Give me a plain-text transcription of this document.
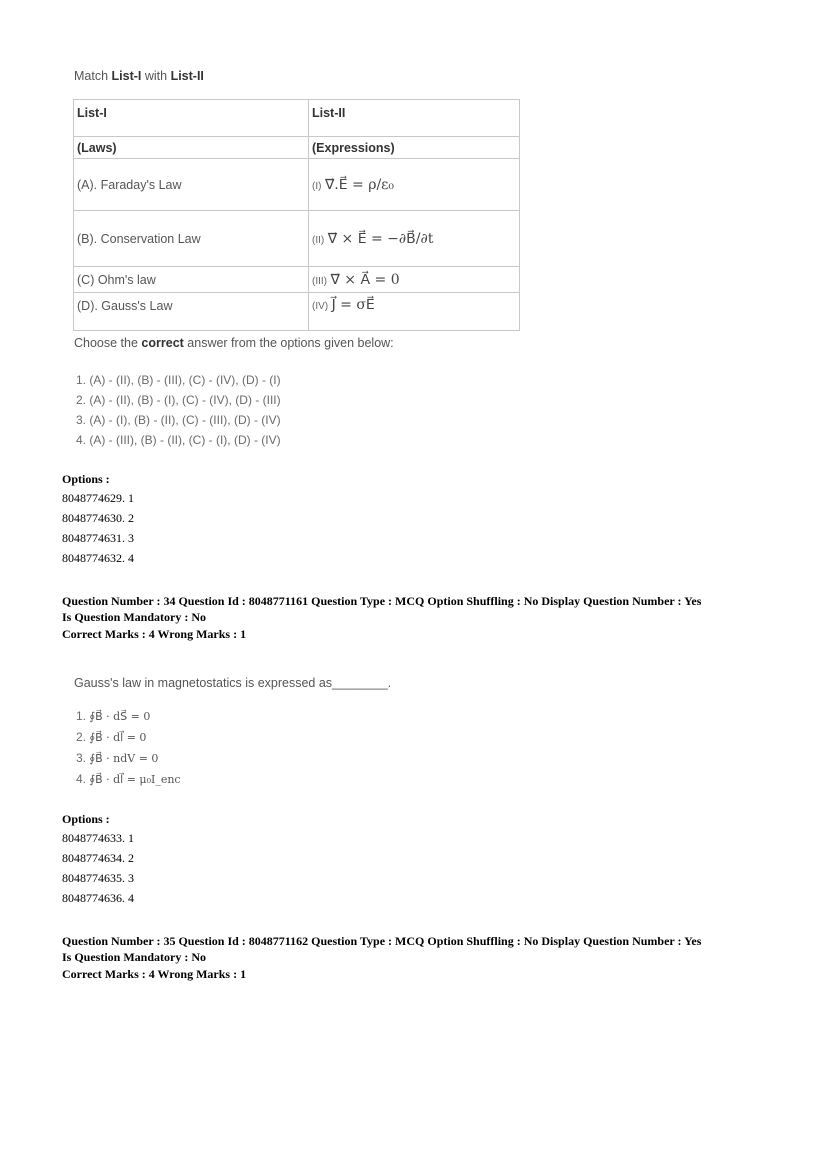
Match List-I with List-II
List-I	List-II
(Laws)	(Expressions)
(A). Faraday's Law	(I) ∇⃗.E⃗ = ρ/ε₀
(B). Conservation Law	(II) ∇⃗ × E⃗ = −∂B⃗/∂t
(C) Ohm's law	(III) ∇⃗ × A⃗ = 0
(D). Gauss's Law	(IV) J⃗ = σE⃗
Choose the correct answer from the options given below:
1. (A) - (II), (B) - (III), (C) - (IV), (D) - (I)
2. (A) - (II), (B) - (I), (C) - (IV), (D) - (III)
3. (A) - (I), (B) - (II), (C) - (III), (D) - (IV)
4. (A) - (III), (B) - (II), (C) - (I), (D) - (IV)
Options :
8048774629. 1
8048774630. 2
8048774631. 3
8048774632. 4
Question Number : 34 Question Id : 8048771161 Question Type : MCQ Option Shuffling : No Display Question Number : Yes
Is Question Mandatory : No
Correct Marks : 4 Wrong Marks : 1
Gauss's law in magnetostatics is expressed as________.
1. ∮B⃗ · dS⃗ = 0
2. ∮B⃗ · dl⃗ = 0
3. ∮B⃗ · ndV = 0
4. ∮B⃗ · dl⃗ = μ₀I_enc
Options :
8048774633. 1
8048774634. 2
8048774635. 3
8048774636. 4
Question Number : 35 Question Id : 8048771162 Question Type : MCQ Option Shuffling : No Display Question Number : Yes
Is Question Mandatory : No
Correct Marks : 4 Wrong Marks : 1
